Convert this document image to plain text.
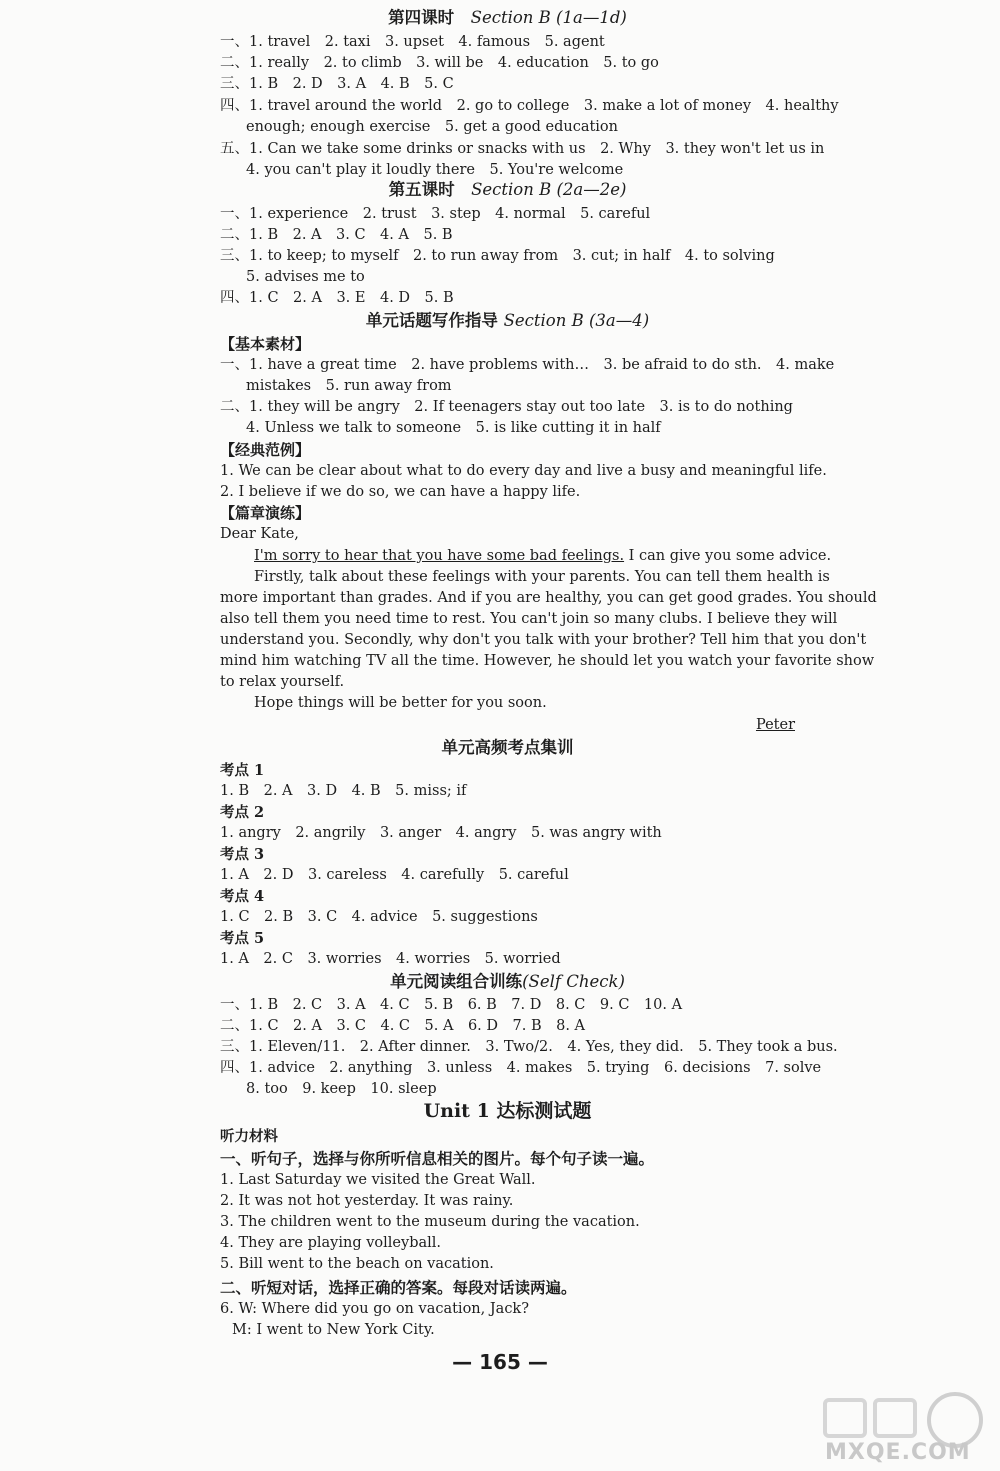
第四课时　 Section B (1a—1d)
一、1. travel　2. taxi　3. upset　4. famous　5. agent
二、1. really　2. to climb　3. will be　4. education　5. to go
三、1. B　2. D　3. A　4. B　5. C
四、1. travel around the world　2. go to college　3. make a lot of money　4. healthy
enough; enough exercise　5. get a good education
五、1. Can we take some drinks or snacks with us　2. Why　3. they won't let us in
4. you can't play it loudly there　5. You're welcome
第五课时　 Section B (2a—2e)
一、1. experience　2. trust　3. step　4. normal　5. careful
二、1. B　2. A　3. C　4. A　5. B
三、1. to keep; to myself　2. to run away from　3. cut; in half　4. to solving
5. advises me to
四、1. C　2. A　3. E　4. D　5. B
单元话题写作指导 Section B (3a—4)
【基本素材】
一、1. have a great time　2. have problems with…　3. be afraid to do sth.　4. make
mistakes　5. run away from
二、1. they will be angry　2. If teenagers stay out too late　3. is to do nothing
4. Unless we talk to someone　5. is like cutting it in half
【经典范例】
1. We can be clear about what to do every day and live a busy and meaningful life.
2. I believe if we do so, we can have a happy life.
【篇章演练】
Dear Kate,
I'm sorry to hear that you have some bad feelings. I can give you some advice.
Firstly, talk about these feelings with your parents. You can tell them health is
more important than grades. And if you are healthy, you can get good grades. You should
also tell them you need time to rest. You can't join so many clubs. I believe they will
understand you. Secondly, why don't you talk with your brother? Tell him that you don't
mind him watching TV all the time. However, he should let you watch your favorite show
to relax yourself.
Hope things will be better for you soon.
Peter
单元高频考点集训
考点 1
1. B　2. A　3. D　4. B　5. miss; if
考点 2
1. angry　2. angrily　3. anger　4. angry　5. was angry with
考点 3
1. A　2. D　3. careless　4. carefully　5. careful
考点 4
1. C　2. B　3. C　4. advice　5. suggestions
考点 5
1. A　2. C　3. worries　4. worries　5. worried
单元阅读组合训练(Self Check)
一、1. B　2. C　3. A　4. C　5. B　6. B　7. D　8. C　9. C　10. A
二、1. C　2. A　3. C　4. C　5. A　6. D　7. B　8. A
三、1. Eleven/11.　2. After dinner.　3. Two/2.　4. Yes, they did.　5. They took a bus.
四、1. advice　2. anything　3. unless　4. makes　5. trying　6. decisions　7. solve
8. too　9. keep　10. sleep
Unit 1 达标测试题
听力材料
一、听句子，选择与你所听信息相关的图片。每个句子读一遍。
1. Last Saturday we visited the Great Wall.
2. It was not hot yesterday. It was rainy.
3. The children went to the museum during the vacation.
4. They are playing volleyball.
5. Bill went to the beach on vacation.
二、听短对话，选择正确的答案。每段对话读两遍。
6. W: Where did you go on vacation, Jack?
M: I went to New York City.
— 165 —
MXQE.COM
